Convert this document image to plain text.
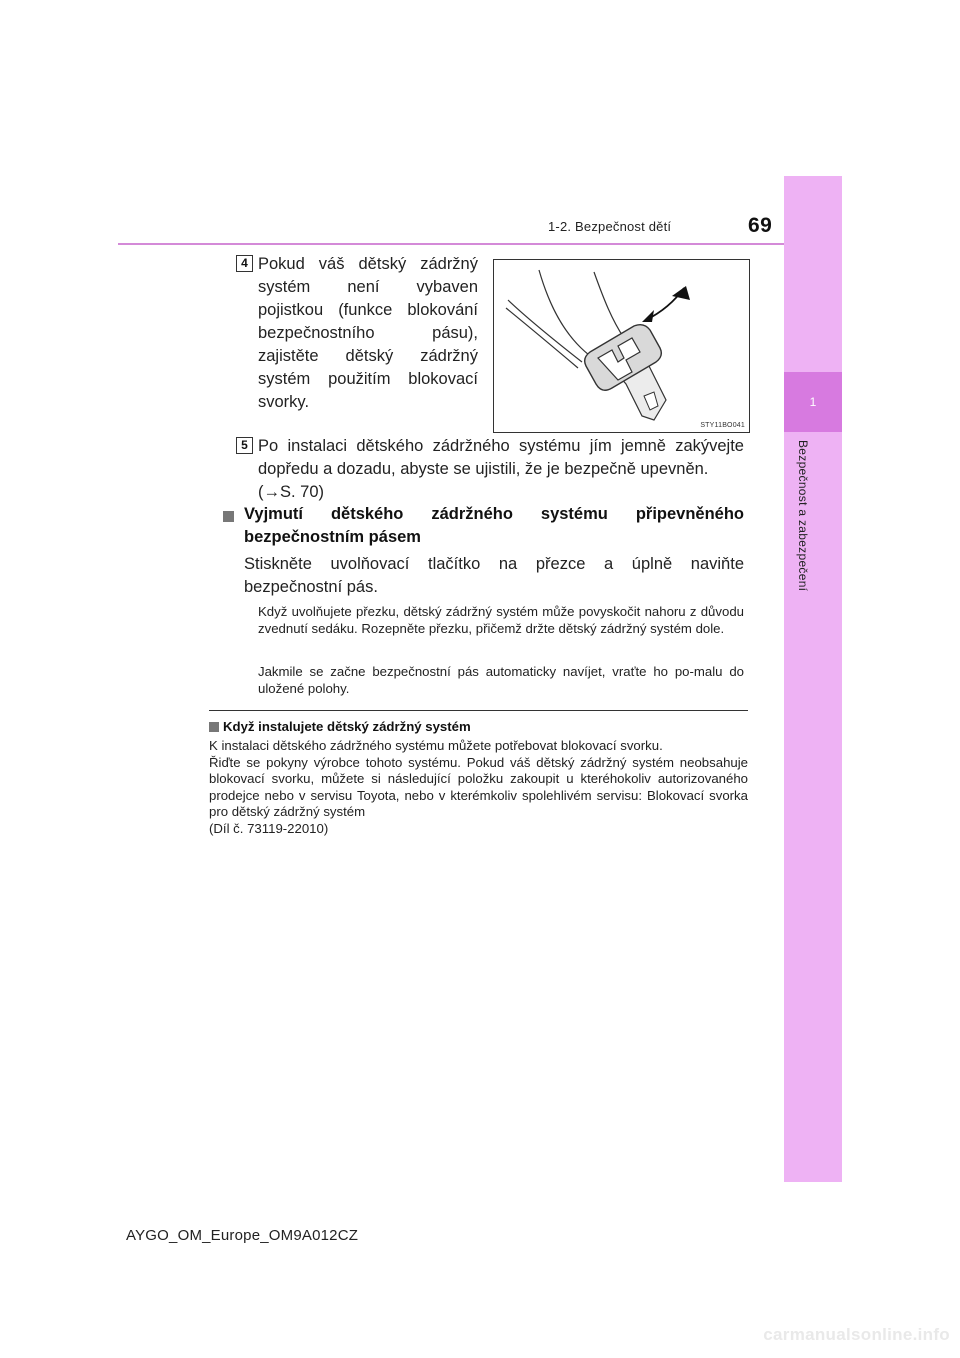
1-2. Bezpečnost dětí	69
1
Bezpečnost a zabezpečení
4 Pokud váš dětský zádržný systém není vybaven pojistkou (funkce blokování bezpečnostního pásu), zajistěte dětský zádržný systém použitím blokovací svorky.
STY11BO041
5 Po instalaci dětského zádržného systému jím jemně zakývejte dopředu a dozadu, abyste se ujistili, že je bezpečně upevněn.
(→S. 70)
Vyjmutí dětského zádržného systému připevněného bezpečnostním pásem
Stiskněte uvolňovací tlačítko na přezce a úplně naviňte bezpečnostní pás.
Když uvolňujete přezku, dětský zádržný systém může povyskočit nahoru z důvodu zvednutí sedáku. Rozepněte přezku, přičemž držte dětský zádržný systém dole.
Jakmile se začne bezpečnostní pás automaticky navíjet, vraťte ho po-malu do uložené polohy.
Když instalujete dětský zádržný systém
K instalaci dětského zádržného systému můžete potřebovat blokovací svorku.
Řiďte se pokyny výrobce tohoto systému. Pokud váš dětský zádržný systém neobsahuje blokovací svorku, můžete si následující položku zakoupit u kteréhokoliv autorizovaného prodejce nebo v servisu Toyota, nebo v kterémkoliv spolehlivém servisu: Blokovací svorka pro dětský zádržný systém
(Díl č. 73119-22010)
AYGO_OM_Europe_OM9A012CZ
carmanualsonline.info
